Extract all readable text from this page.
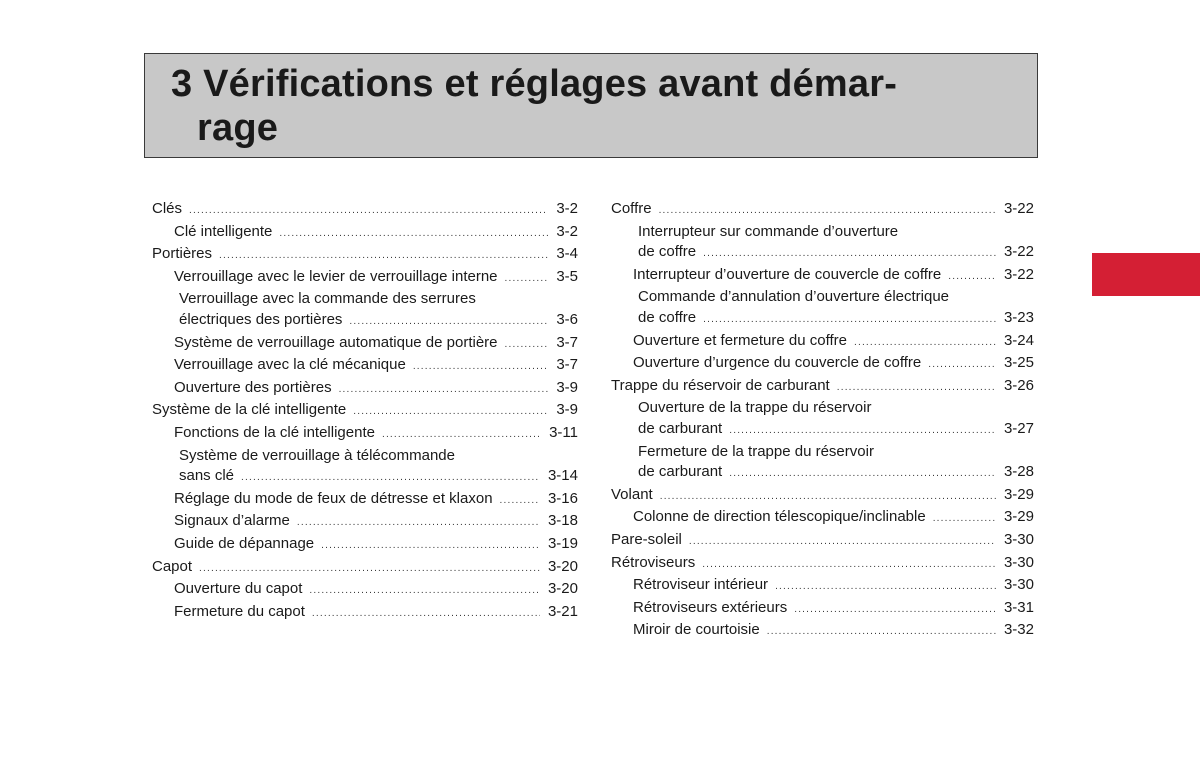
3 Vérifications et réglages avant démar-
rage
Clés .....	3-2
Clé intelligente .....	3-2
Portières .....	3-4
Verrouillage avec le levier de verrouillage interne .....	3-5
Verrouillage avec la commande des serrures
électriques des portières .....	3-6
Système de verrouillage automatique de portière .....	3-7
Verrouillage avec la clé mécanique .....	3-7
Ouverture des portières .....	3-9
Système de la clé intelligente .....	3-9
Fonctions de la clé intelligente .....	3-11
Système de verrouillage à télécommande
sans clé .....	3-14
Réglage du mode de feux de détresse et klaxon .....	3-16
Signaux d’alarme .....	3-18
Guide de dépannage .....	3-19
Capot .....	3-20
Ouverture du capot .....	3-20
Fermeture du capot .....	3-21
Coffre .....	3-22
Interrupteur sur commande d’ouverture
de coffre .....	3-22
Interrupteur d’ouverture de couvercle de coffre .....	3-22
Commande d’annulation d’ouverture électrique
de coffre .....	3-23
Ouverture et fermeture du coffre .....	3-24
Ouverture d’urgence du couvercle de coffre .....	3-25
Trappe du réservoir de carburant .....	3-26
Ouverture de la trappe du réservoir
de carburant .....	3-27
Fermeture de la trappe du réservoir
de carburant .....	3-28
Volant .....	3-29
Colonne de direction télescopique/inclinable .....	3-29
Pare-soleil .....	3-30
Rétroviseurs .....	3-30
Rétroviseur intérieur .....	3-30
Rétroviseurs extérieurs .....	3-31
Miroir de courtoisie .....	3-32
